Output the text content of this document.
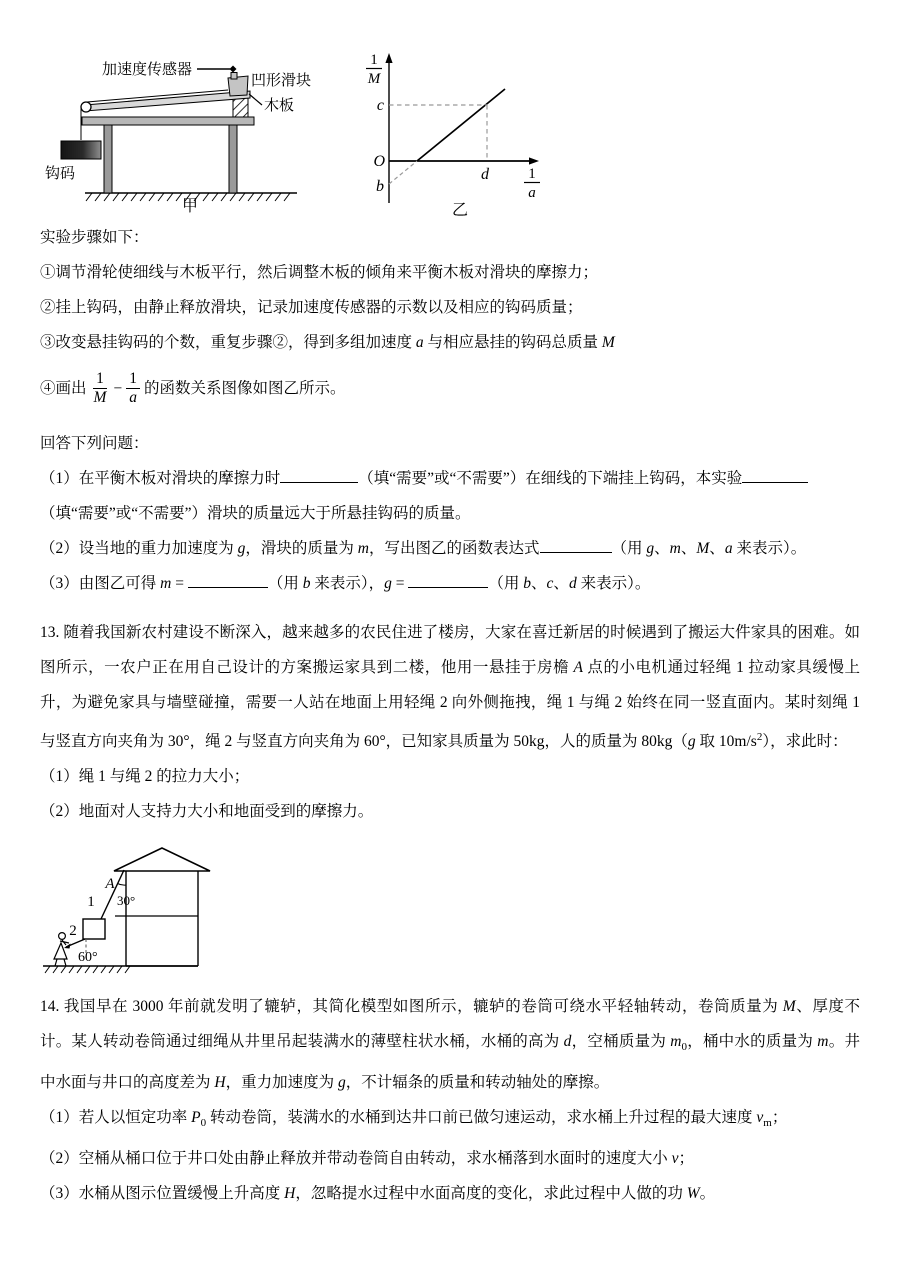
加速度传感器
凹形滑块
木板
钩码
甲
1
M
1
a
O
b
c
d
乙

实验步骤如下：

①调节滑轮使细线与木板平行，然后调整木板的倾角来平衡木板对滑块的摩擦力；

②挂上钩码，由静止释放滑块，记录加速度传感器的示数以及相应的钩码质量；

③改变悬挂钩码的个数，重复步骤②，得到多组加速度 a 与相应悬挂的钩码总质量 M

④画出 $\frac{1}{M} - \frac{1}{a}$ 的函数关系图像如图乙所示。

回答下列问题：

（1）在平衡木板对滑块的摩擦力时	（填“需要”或“不需要”）在细线的下端挂上钩码，本实验

（填“需要”或“不需要”）滑块的质量远大于所悬挂钩码的质量。

（2）设当地的重力加速度为 g，滑块的质量为 m，写出图乙的函数表达式	（用 g、m、M、a 来表示）。

（3）由图乙可得 m =	（用 b 来表示），g =	（用 b、c、d 来表示）。

13. 随着我国新农村建设不断深入，越来越多的农民住进了楼房，大家在喜迁新居的时候遇到了搬运大件家具的困难。如图所示，一农户正在用自己设计的方案搬运家具到二楼，他用一悬挂于房檐 A 点的小电机通过轻绳 1 拉动家具缓慢上升，为避免家具与墙壁碰撞，需要一人站在地面上用轻绳 2 向外侧拖拽，绳 1 与绳 2 始终在同一竖直面内。某时刻绳 1 与竖直方向夹角为 30°，绳 2 与竖直方向夹角为 60°，已知家具质量为 50kg，人的质量为 80kg（g 取 $10m/s^2$），求此时：

（1）绳 1 与绳 2 的拉力大小；

（2）地面对人支持力大小和地面受到的摩擦力。

A
1 30°
2
60°

14. 我国早在 3000 年前就发明了辘轳，其简化模型如图所示，辘轳的卷筒可绕水平轻轴转动，卷筒质量为 M、厚度不计。某人转动卷筒通过细绳从井里吊起装满水的薄壁柱状水桶，水桶的高为 d，空桶质量为 $m_0$，桶中水的质量为 m。井中水面与井口的高度差为 H，重力加速度为 g，不计辐条的质量和转动轴处的摩擦。

（1）若人以恒定功率 $P_0$ 转动卷筒，装满水的水桶到达井口前已做匀速运动，求水桶上升过程的最大速度 $v_m$；

（2）空桶从桶口位于井口处由静止释放并带动卷筒自由转动，求水桶落到水面时的速度大小 v；

（3）水桶从图示位置缓慢上升高度 H，忽略提水过程中水面高度的变化，求此过程中人做的功 W。
